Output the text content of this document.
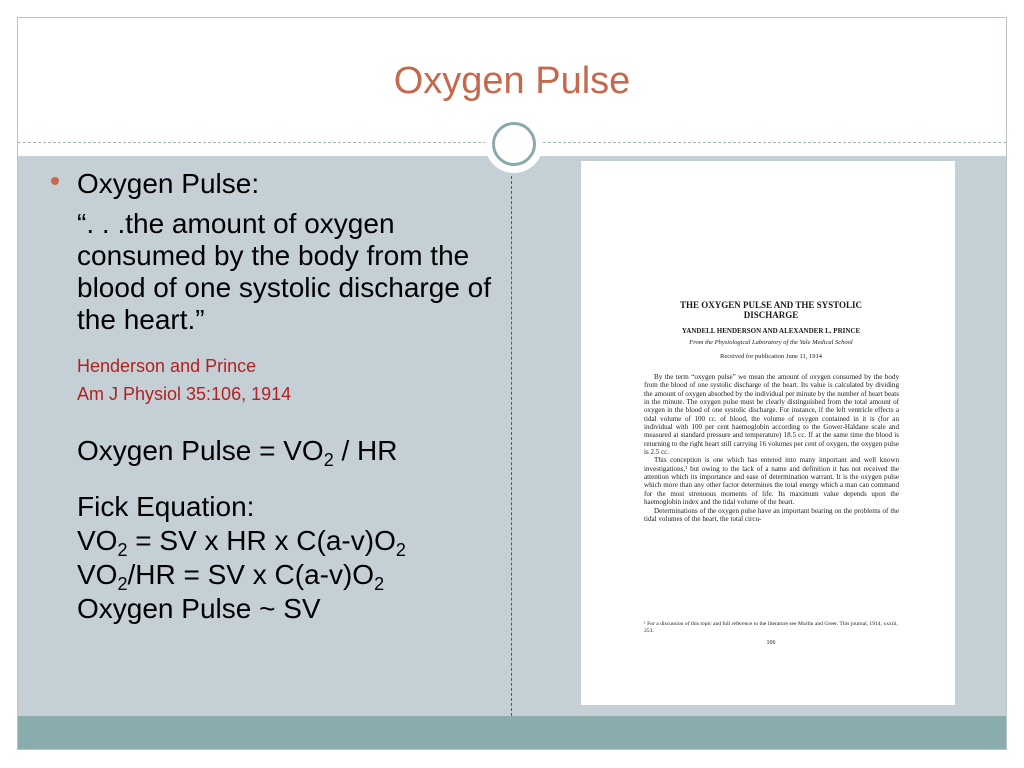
Oxygen Pulse
Oxygen Pulse:
“. . .the amount of oxygen consumed by the body from the blood of one systolic discharge of the heart.”
Henderson and Prince
Am J Physiol 35:106, 1914
Oxygen Pulse = $VO_2$ / HR
Fick Equation:
$VO_2$ = SV x HR x $C(a-v)O_2$
$VO_2/HR$ = SV x $C(a-v)O_2$
Oxygen Pulse ~ SV
THE OXYGEN PULSE AND THE SYSTOLIC
DISCHARGE
YANDELL HENDERSON AND ALEXANDER L. PRINCE
From the Physiological Laboratory of the Yale Medical School
Received for publication June 11, 1914

By the term “oxygen pulse” we mean the amount of oxygen consumed by the body from the blood of one systolic discharge of the heart. Its value is calculated by dividing the amount of oxygen absorbed by the individual per minute by the number of heart beats in the minute. The oxygen pulse must be clearly distinguished from the total amount of oxygen in the blood of one systolic discharge. For instance, if the left ventricle effects a tidal volume of 100 cc. of blood, the volume of oxygen contained in it is (for an individual with 100 per cent haemoglobin according to the Gower-Haldane scale and measured at standard pressure and temperature) 18.5 cc. If at the same time the blood is returning to the right heart still carrying 16 volumes per cent of oxygen, the oxygen pulse is 2.5 cc.

This conception is one which has entered into many important and well known investigations,¹ but owing to the lack of a name and definition it has not received the attention which its importance and ease of determination warrant. It is the oxygen pulse which more than any other factor determines the total energy which a man can command for the most strenuous moments of life. Its maximum value depends upon the haemoglobin index and the tidal volume of the heart.

Determinations of the oxygen pulse have an important bearing on the problems of the tidal volumes of the heart, the total circu-

¹ For a discussion of this topic and full reference to the literature see Murlin and Greer. This journal, 1914, xxxiii, 253.
106
